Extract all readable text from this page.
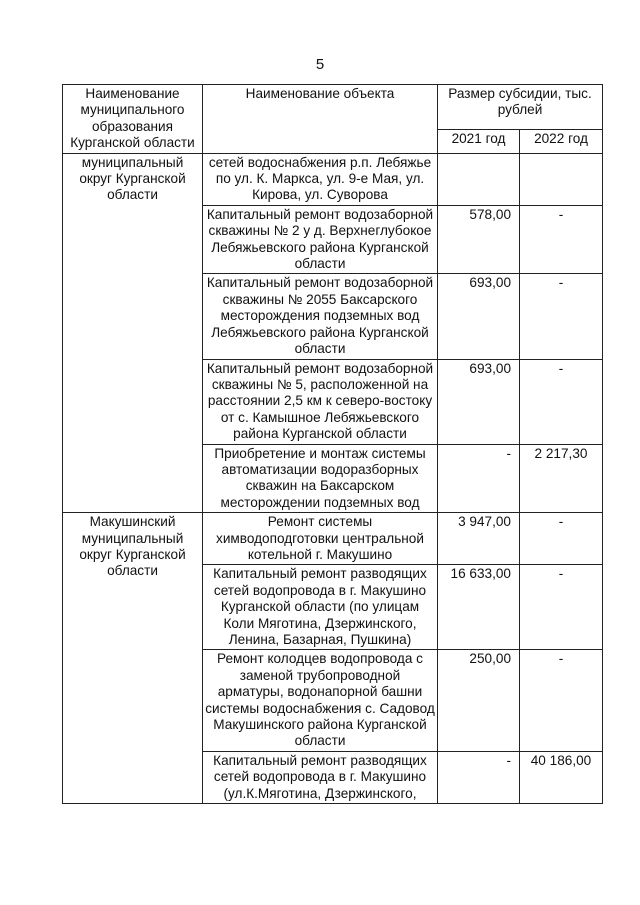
5
Наименование муниципального образования Курганской области	Наименование объекта	Размер субсидии, тыс. рублей	
		2021 год	2022 год
муниципальный округ Курганской области	сетей водоснабжения р.п. Лебяжье по ул. К. Маркса, ул. 9-е Мая, ул. Кирова, ул. Суворова		
	Капитальный ремонт водозаборной скважины № 2 у д. Верхнеглубокое Лебяжьевского района Курганской области	578,00	-
	Капитальный ремонт водозаборной скважины № 2055 Баксарского месторождения подземных вод Лебяжьевского района Курганской области	693,00	-
	Капитальный ремонт водозаборной скважины № 5, расположенной на расстоянии 2,5 км к северо-востоку от с. Камышное Лебяжьевского района Курганской области	693,00	-
	Приобретение и монтаж системы автоматизации водоразборных скважин на Баксарском месторождении подземных вод	-	2 217,30
Макушинский муниципальный округ Курганской области	Ремонт системы химводоподготовки центральной котельной г. Макушино	3 947,00	-
	Капитальный ремонт разводящих сетей водопровода в г. Макушино Курганской области (по улицам Коли Мяготина, Дзержинского, Ленина, Базарная, Пушкина)	16 633,00	-
	Ремонт колодцев водопровода с заменой трубопроводной арматуры, водонапорной башни системы водоснабжения с. Садовод Макушинского района Курганской области	250,00	-
	Капитальный ремонт разводящих сетей водопровода в г. Макушино (ул.К.Мяготина, Дзержинского,	-	40 186,00
